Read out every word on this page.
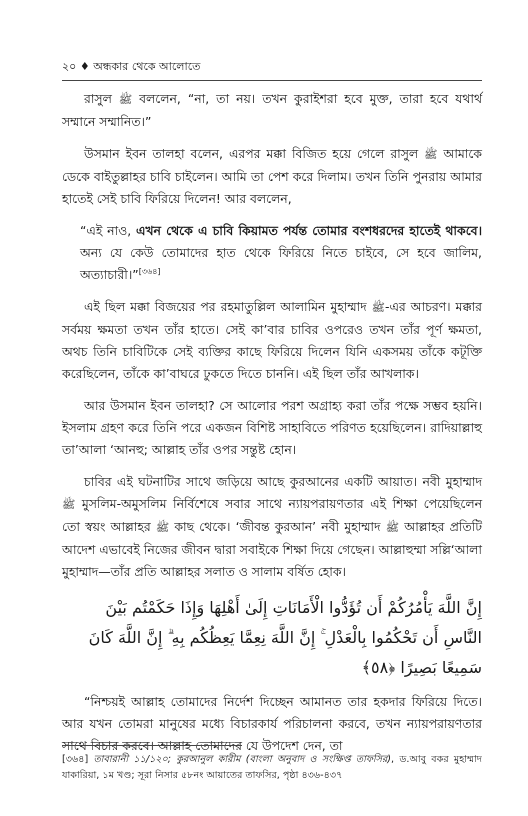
২০ ♦ অন্ধকার থেকে আলোতে

রাসুল ﷺ বললেন, “না, তা নয়। তখন কুরাইশরা হবে মুক্ত, তারা হবে যথার্থ সম্মানে সম্মানিত।”

উসমান ইবন তালহা বলেন, এরপর মক্কা বিজিত হয়ে গেলে রাসুল ﷺ আমাকে ডেকে বাইতুল্লাহর চাবি চাইলেন। আমি তা পেশ করে দিলাম। তখন তিনি পুনরায় আমার হাতেই সেই চাবি ফিরিয়ে দিলেন! আর বললেন,

“এই নাও, এখন থেকে এ চাবি কিয়ামত পর্যন্ত তোমার বংশধরদের হাতেই থাকবে। অন্য যে কেউ তোমাদের হাত থেকে ফিরিয়ে নিতে চাইবে, সে হবে জালিম, অত্যাচারী।”[৩৬৪]

এই ছিল মক্কা বিজয়ের পর রহমাতুল্লিল আলামিন মুহাম্মাদ ﷺ-এর আচরণ। মক্কার সর্বময় ক্ষমতা তখন তাঁর হাতে। সেই কা’বার চাবির ওপরেও তখন তাঁর পূর্ণ ক্ষমতা, অথচ তিনি চাবিটিকে সেই ব্যক্তির কাছে ফিরিয়ে দিলেন যিনি একসময় তাঁকে কটূক্তি করেছিলেন, তাঁকে কা’বাঘরে ঢুকতে দিতে চাননি। এই ছিল তাঁর আখলাক।

আর উসমান ইবন তালহা? সে আলোর পরশ অগ্রাহ্য করা তাঁর পক্ষে সম্ভব হয়নি। ইসলাম গ্রহণ করে তিনি পরে একজন বিশিষ্ট সাহাবিতে পরিণত হয়েছিলেন। রাদিয়াল্লাহু তা’আলা ‘আনহু; আল্লাহ তাঁর ওপর সন্তুষ্ট হোন।

চাবির এই ঘটনাটির সাথে জড়িয়ে আছে কুরআনের একটি আয়াত। নবী মুহাম্মাদ ﷺ মুসলিম-অমুসলিম নির্বিশেষে সবার সাথে ন্যায়পরায়ণতার এই শিক্ষা পেয়েছিলেন তো স্বয়ং আল্লাহর ﷺ কাছ থেকে। ‘জীবন্ত কুরআন’ নবী মুহাম্মাদ ﷺ আল্লাহর প্রতিটি আদেশ এভাবেই নিজের জীবন দ্বারা সবাইকে শিক্ষা দিয়ে গেছেন। আল্লাহুম্মা সল্লি‘আলা মুহাম্মাদ—তাঁর প্রতি আল্লাহর সলাত ও সালাম বর্ষিত হোক।

إِنَّ اللَّهَ يَأْمُرُكُمْ أَن تُؤَدُّوا الْأَمَانَاتِ إِلَىٰ أَهْلِهَا وَإِذَا حَكَمْتُم بَيْنَ النَّاسِ أَن تَحْكُمُوا بِالْعَدْلِ ۚ إِنَّ اللَّهَ نِعِمَّا يَعِظُكُم بِهِ ۗ إِنَّ اللَّهَ كَانَ سَمِيعًا بَصِيرًا ﴿٥٨﴾

“নিশ্চয়ই আল্লাহ তোমাদের নির্দেশ দিচ্ছেন আমানত তার হকদার ফিরিয়ে দিতে। আর যখন তোমরা মানুষের মধ্যে বিচারকার্য পরিচালনা করবে, তখন ন্যায়পরায়ণতার সাথে বিচার করবে। আল্লাহ তোমাদের যে উপদেশ দেন, তা

[৩৬৪] তাবারানী ১১/১২০; কুরআনুল কারীম (বাংলা অনুবাদ ও সংক্ষিপ্ত তাফসির), ড.আবু বকর মুহাম্মাদ যাকারিয়া, ১ম খণ্ড; সূরা নিসার ৫৮নং আয়াতের তাফসির, পৃষ্ঠা ৪৩৬-৪৩৭
